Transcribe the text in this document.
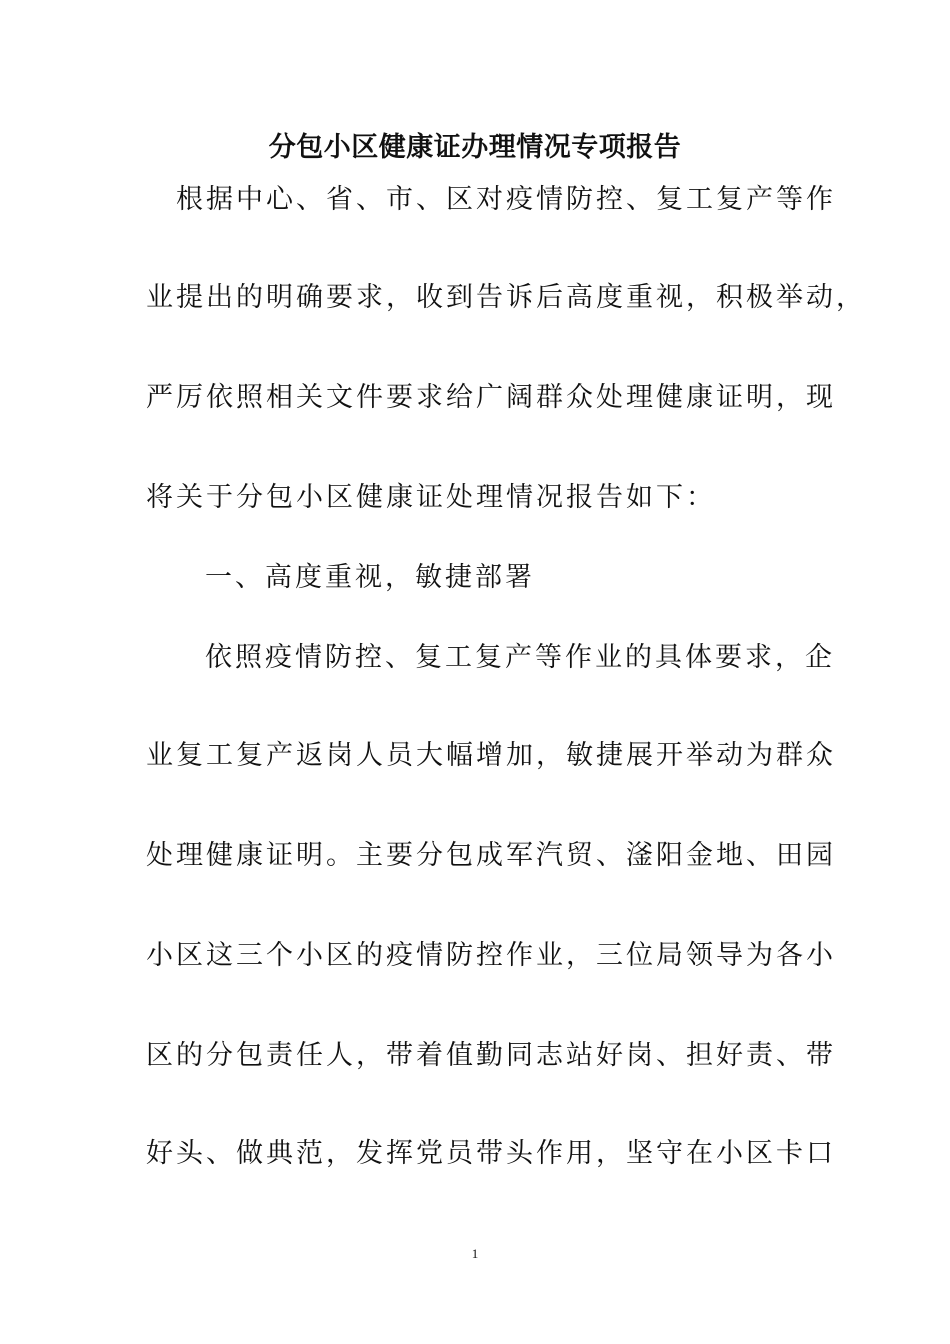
分包小区健康证办理情况专项报告

根据中心、省、市、区对疫情防控、复工复产等作

业提出的明确要求，收到告诉后高度重视，积极举动，

严厉依照相关文件要求给广阔群众处理健康证明，现

将关于分包小区健康证处理情况报告如下：

一、高度重视，敏捷部署

依照疫情防控、复工复产等作业的具体要求，企

业复工复产返岗人员大幅增加，敏捷展开举动为群众

处理健康证明。主要分包成军汽贸、滏阳金地、田园

小区这三个小区的疫情防控作业，三位局领导为各小

区的分包责任人，带着值勤同志站好岗、担好责、带

好头、做典范，发挥党员带头作用，坚守在小区卡口

1
